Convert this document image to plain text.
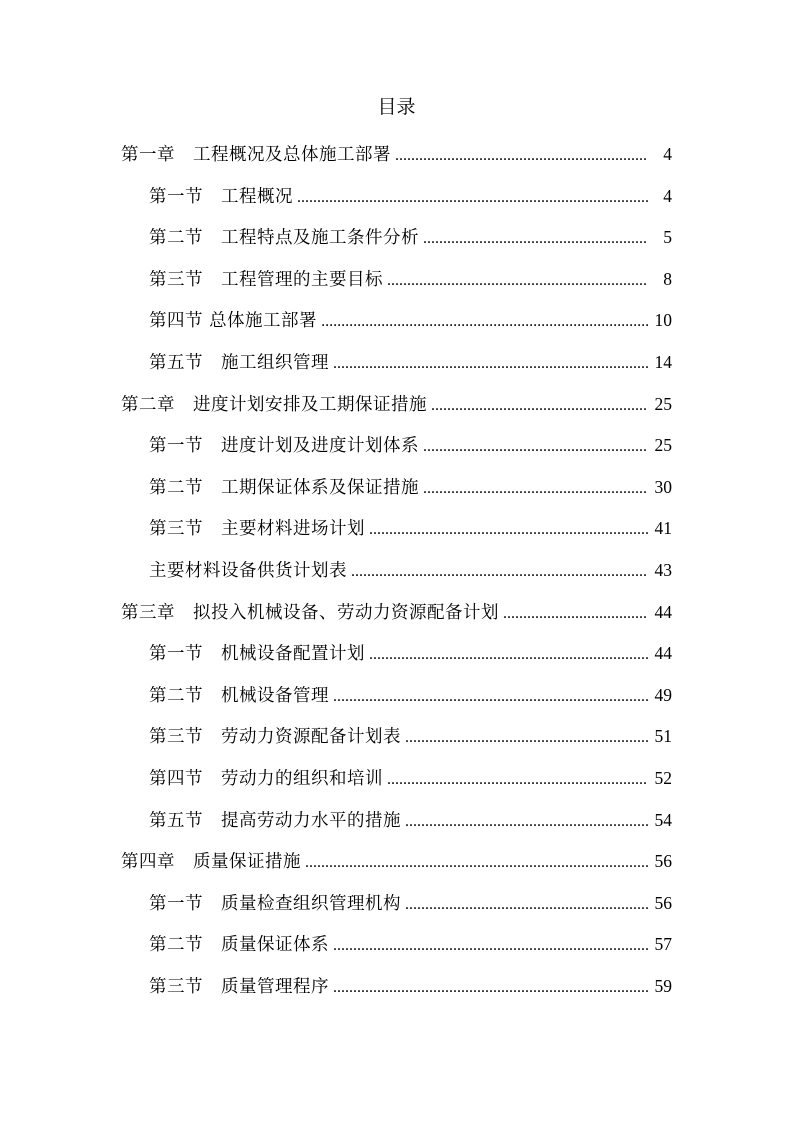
目录
第一章　工程概况及总体施工部署 .....	4
第一节　工程概况 .....	4
第二节　工程特点及施工条件分析 .....	5
第三节　工程管理的主要目标 .....	8
第四节 总体施工部署 .....	10
第五节　施工组织管理 .....	14
第二章　进度计划安排及工期保证措施 .....	25
第一节　进度计划及进度计划体系 .....	25
第二节　工期保证体系及保证措施 .....	30
第三节　主要材料进场计划 .....	41
主要材料设备供货计划表 .....	43
第三章　拟投入机械设备、劳动力资源配备计划 .....	44
第一节　机械设备配置计划 .....	44
第二节　机械设备管理 .....	49
第三节　劳动力资源配备计划表 .....	51
第四节　劳动力的组织和培训 .....	52
第五节　提高劳动力水平的措施 .....	54
第四章　质量保证措施 .....	56
第一节　质量检查组织管理机构 .....	56
第二节　质量保证体系 .....	57
第三节　质量管理程序 .....	59
